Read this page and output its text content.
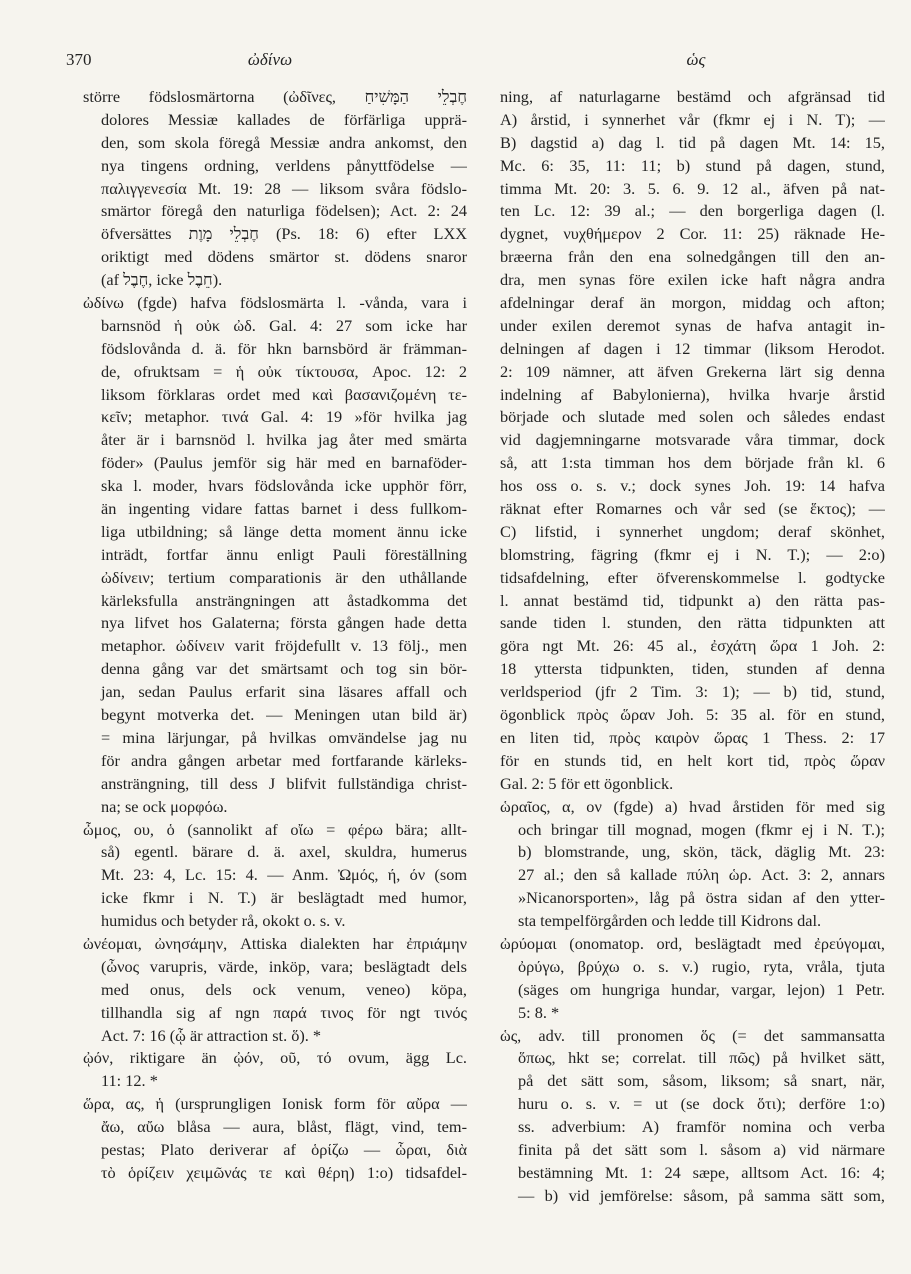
370	ὠδίνω	ὡς
större födslosmärtorna (ὠδῖνες, חֶבְלֵי הַמָּשִׁיחַ
dolores Messiæ kallades de förfärliga upprä-
den, som skola föregå Messiæ andra ankomst, den
nya tingens ordning, verldens pånyttfödelse —
παλιγγενεσία Mt. 19: 28 — liksom svåra födslo-
smärtor föregå den naturliga födelsen); Act. 2: 24
öfversättes חֶבְלֵי מָוֶת (Ps. 18: 6) efter LXX
oriktigt med dödens smärtor st. dödens snaror
(af חֶבֶל, icke חֵבֶל).
ὠδίνω (fgde) hafva födslosmärta l. -vånda, vara i
barnsnöd ἡ οὐκ ὠδ. Gal. 4: 27 som icke har
födslovånda d. ä. för hkn barnsbörd är främman-
de, ofruktsam = ἡ οὐκ τίκτουσα, Apoc. 12: 2
liksom förklaras ordet med καὶ βασανιζομένη τε-
κεῖν; metaphor. τινά Gal. 4: 19 »för hvilka jag
åter är i barnsnöd l. hvilka jag åter med smärta
föder» (Paulus jemför sig här med en barnaföder-
ska l. moder, hvars födslovånda icke upphör förr,
än ingenting vidare fattas barnet i dess fullkom-
liga utbildning; så länge detta moment ännu icke
inträdt, fortfar ännu enligt Pauli föreställning
ὠδίνειν; tertium comparationis är den uthållande
kärleksfulla ansträngningen att åstadkomma det
nya lifvet hos Galaterna; första gången hade detta
metaphor. ὠδίνειν varit fröjdefullt v. 13 följ., men
denna gång var det smärtsamt och tog sin bör-
jan, sedan Paulus erfarit sina läsares affall och
begynt motverka det. — Meningen utan bild är)
= mina lärjungar, på hvilkas omvändelse jag nu
för andra gången arbetar med fortfarande kärleks-
ansträngning, till dess J blifvit fullständiga christ-
na; se ock μορφόω.
ὦμος, ου, ὁ (sannolikt af οἴω = φέρω bära; allt-
så) egentl. bärare d. ä. axel, skuldra, humerus
Mt. 23: 4, Lc. 15: 4. — Anm. Ὠμός, ή, όν (som
icke fkmr i N. T.) är beslägtadt med humor,
humidus och betyder rå, okokt o. s. v.
ὠνέομαι, ὠνησάμην, Attiska dialekten har ἐπριάμην
(ὦνος varupris, värde, inköp, vara; beslägtadt dels
med onus, dels ock venum, veneo) köpa,
tillhandla sig af ngn παρά τινος för ngt τινός
Act. 7: 16 (ᾧ är attraction st. ὅ). *
ᾠόν, riktigare än ᾠόν, οῦ, τό ovum, ägg Lc.
11: 12. *
ὥρα, ας, ἡ (ursprungligen Ionisk form för αὔρα —
ἄω, αὔω blåsa — aura, blåst, flägt, vind, tem-
pestas; Plato deriverar af ὁρίζω — ὧραι, διὰ
τὸ ὁρίζειν χειμῶνάς τε καὶ θέρη) 1:o) tidsafdel-
ning, af naturlagarne bestämd och afgränsad tid
A) årstid, i synnerhet vår (fkmr ej i N. T); —
B) dagstid a) dag l. tid på dagen Mt. 14: 15,
Mc. 6: 35, 11: 11; b) stund på dagen, stund,
timma Mt. 20: 3. 5. 6. 9. 12 al., äfven på nat-
ten Lc. 12: 39 al.; — den borgerliga dagen (l.
dygnet, νυχθήμερον 2 Cor. 11: 25) räknade He-
bræerna från den ena solnedgången till den an-
dra, men synas före exilen icke haft några andra
afdelningar deraf än morgon, middag och afton;
under exilen deremot synas de hafva antagit in-
delningen af dagen i 12 timmar (liksom Herodot.
2: 109 nämner, att äfven Grekerna lärt sig denna
indelning af Babylonierna), hvilka hvarje årstid
började och slutade med solen och således endast
vid dagjemningarne motsvarade våra timmar, dock
så, att 1:sta timman hos dem började från kl. 6
hos oss o. s. v.; dock synes Joh. 19: 14 hafva
räknat efter Romarnes och vår sed (se ἕκτος); —
C) lifstid, i synnerhet ungdom; deraf skönhet,
blomstring, fägring (fkmr ej i N. T.); — 2:o)
tidsafdelning, efter öfverenskommelse l. godtycke
l. annat bestämd tid, tidpunkt a) den rätta pas-
sande tiden l. stunden, den rätta tidpunkten att
göra ngt Mt. 26: 45 al., ἐσχάτη ὥρα 1 Joh. 2:
18 yttersta tidpunkten, tiden, stunden af denna
verldsperiod (jfr 2 Tim. 3: 1); — b) tid, stund,
ögonblick πρὸς ὥραν Joh. 5: 35 al. för en stund,
en liten tid, πρὸς καιρὸν ὥρας 1 Thess. 2: 17
för en stunds tid, en helt kort tid, πρὸς ὥραν
Gal. 2: 5 för ett ögonblick.
ὡραῖος, α, ον (fgde) a) hvad årstiden för med sig
och bringar till mognad, mogen (fkmr ej i N. T.);
b) blomstrande, ung, skön, täck, däglig Mt. 23:
27 al.; den så kallade πύλη ὡρ. Act. 3: 2, annars
»Nicanorsporten», låg på östra sidan af den ytter-
sta tempelförgården och ledde till Kidrons dal.
ὠρύομαι (onomatop. ord, beslägtadt med ἐρεύγομαι,
ὀρύγω, βρύχω o. s. v.) rugio, ryta, vråla, tjuta
(säges om hungriga hundar, vargar, lejon) 1 Petr.
5: 8. *
ὡς, adv. till pronomen ὅς (= det sammansatta
ὅπως, hkt se; correlat. till πῶς) på hvilket sätt,
på det sätt som, såsom, liksom; så snart, när,
huru o. s. v. = ut (se dock ὅτι); derföre 1:o)
ss. adverbium: A) framför nomina och verba
finita på det sätt som l. såsom a) vid närmare
bestämning Mt. 1: 24 sæpe, alltsom Act. 16: 4;
— b) vid jemförelse: såsom, på samma sätt som,
